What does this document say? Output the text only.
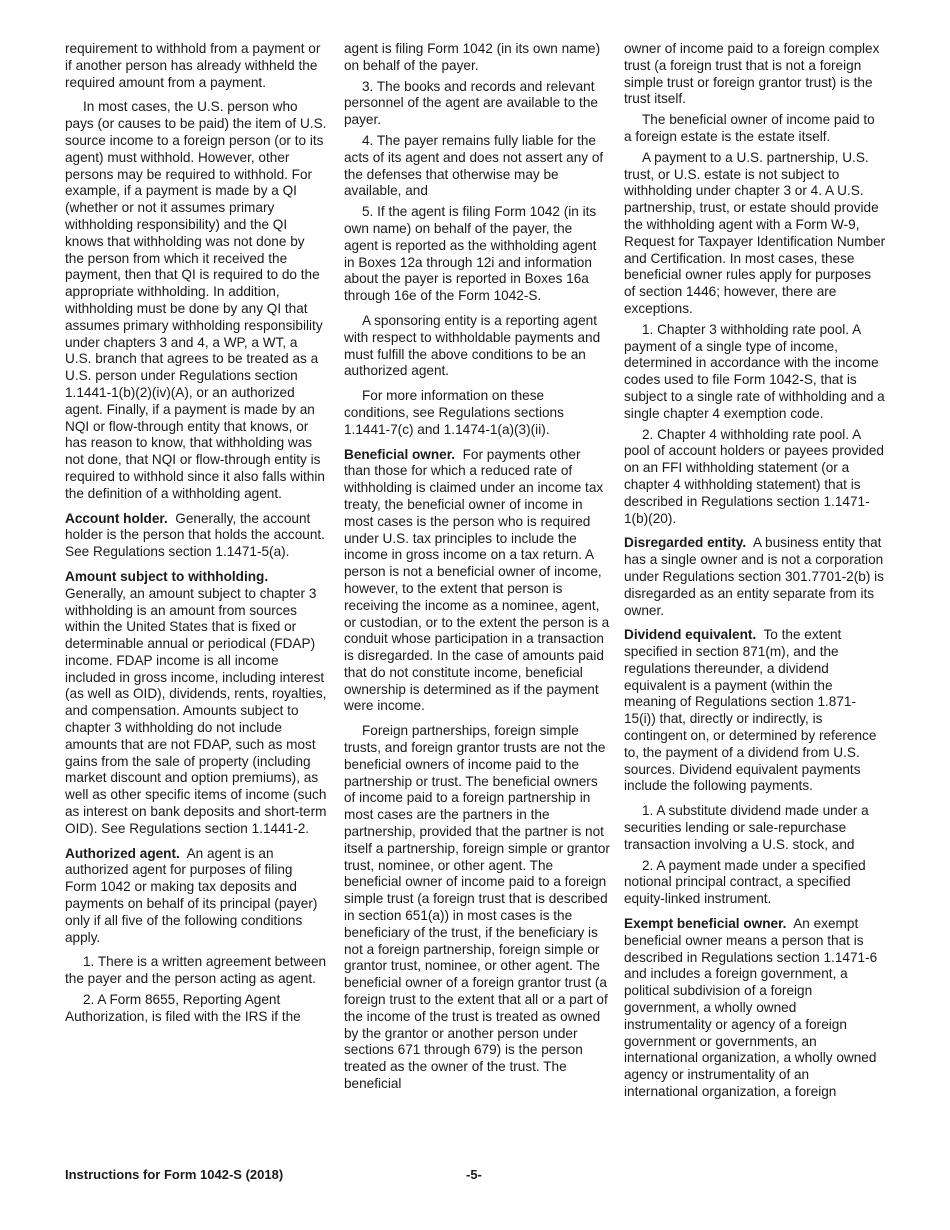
requirement to withhold from a payment or if another person has already withheld the required amount from a payment.

In most cases, the U.S. person who pays (or causes to be paid) the item of U.S. source income to a foreign person (or to its agent) must withhold. However, other persons may be required to withhold. For example, if a payment is made by a QI (whether or not it assumes primary withholding responsibility) and the QI knows that withholding was not done by the person from which it received the payment, then that QI is required to do the appropriate withholding. In addition, withholding must be done by any QI that assumes primary withholding responsibility under chapters 3 and 4, a WP, a WT, a U.S. branch that agrees to be treated as a U.S. person under Regulations section 1.1441-1(b)(2)(iv)(A), or an authorized agent. Finally, if a payment is made by an NQI or flow-through entity that knows, or has reason to know, that withholding was not done, that NQI or flow-through entity is required to withhold since it also falls within the definition of a withholding agent.

Account holder. Generally, the account holder is the person that holds the account. See Regulations section 1.1471-5(a).

Amount subject to withholding.
Generally, an amount subject to chapter 3 withholding is an amount from sources within the United States that is fixed or determinable annual or periodical (FDAP) income. FDAP income is all income included in gross income, including interest (as well as OID), dividends, rents, royalties, and compensation. Amounts subject to chapter 3 withholding do not include amounts that are not FDAP, such as most gains from the sale of property (including market discount and option premiums), as well as other specific items of income (such as interest on bank deposits and short-term OID). See Regulations section 1.1441-2.

Authorized agent. An agent is an authorized agent for purposes of filing Form 1042 or making tax deposits and payments on behalf of its principal (payer) only if all five of the following conditions apply.

1. There is a written agreement between the payer and the person acting as agent.

2. A Form 8655, Reporting Agent Authorization, is filed with the IRS if the

agent is filing Form 1042 (in its own name) on behalf of the payer.

3. The books and records and relevant personnel of the agent are available to the payer.

4. The payer remains fully liable for the acts of its agent and does not assert any of the defenses that otherwise may be available, and

5. If the agent is filing Form 1042 (in its own name) on behalf of the payer, the agent is reported as the withholding agent in Boxes 12a through 12i and information about the payer is reported in Boxes 16a through 16e of the Form 1042-S.

A sponsoring entity is a reporting agent with respect to withholdable payments and must fulfill the above conditions to be an authorized agent.

For more information on these conditions, see Regulations sections 1.1441-7(c) and 1.1474-1(a)(3)(ii).

Beneficial owner. For payments other than those for which a reduced rate of withholding is claimed under an income tax treaty, the beneficial owner of income in most cases is the person who is required under U.S. tax principles to include the income in gross income on a tax return. A person is not a beneficial owner of income, however, to the extent that person is receiving the income as a nominee, agent, or custodian, or to the extent the person is a conduit whose participation in a transaction is disregarded. In the case of amounts paid that do not constitute income, beneficial ownership is determined as if the payment were income.

Foreign partnerships, foreign simple trusts, and foreign grantor trusts are not the beneficial owners of income paid to the partnership or trust. The beneficial owners of income paid to a foreign partnership in most cases are the partners in the partnership, provided that the partner is not itself a partnership, foreign simple or grantor trust, nominee, or other agent. The beneficial owner of income paid to a foreign simple trust (a foreign trust that is described in section 651(a)) in most cases is the beneficiary of the trust, if the beneficiary is not a foreign partnership, foreign simple or grantor trust, nominee, or other agent. The beneficial owner of a foreign grantor trust (a foreign trust to the extent that all or a part of the income of the trust is treated as owned by the grantor or another person under sections 671 through 679) is the person treated as the owner of the trust. The beneficial

owner of income paid to a foreign complex trust (a foreign trust that is not a foreign simple trust or foreign grantor trust) is the trust itself.

The beneficial owner of income paid to a foreign estate is the estate itself.

A payment to a U.S. partnership, U.S. trust, or U.S. estate is not subject to withholding under chapter 3 or 4. A U.S. partnership, trust, or estate should provide the withholding agent with a Form W-9, Request for Taxpayer Identification Number and Certification. In most cases, these beneficial owner rules apply for purposes of section 1446; however, there are exceptions.

1. Chapter 3 withholding rate pool. A payment of a single type of income, determined in accordance with the income codes used to file Form 1042-S, that is subject to a single rate of withholding and a single chapter 4 exemption code.

2. Chapter 4 withholding rate pool. A pool of account holders or payees provided on an FFI withholding statement (or a chapter 4 withholding statement) that is described in Regulations section 1.1471-1(b)(20).

Disregarded entity. A business entity that has a single owner and is not a corporation under Regulations section 301.7701-2(b) is disregarded as an entity separate from its owner.

Dividend equivalent. To the extent specified in section 871(m), and the regulations thereunder, a dividend equivalent is a payment (within the meaning of Regulations section 1.871-15(i)) that, directly or indirectly, is contingent on, or determined by reference to, the payment of a dividend from U.S. sources. Dividend equivalent payments include the following payments.

1. A substitute dividend made under a securities lending or sale-repurchase transaction involving a U.S. stock, and

2. A payment made under a specified notional principal contract, a specified equity-linked instrument.

Exempt beneficial owner. An exempt beneficial owner means a person that is described in Regulations section 1.1471-6 and includes a foreign government, a political subdivision of a foreign government, a wholly owned instrumentality or agency of a foreign government or governments, an international organization, a wholly owned agency or instrumentality of an international organization, a foreign

Instructions for Form 1042-S (2018)	-5-
